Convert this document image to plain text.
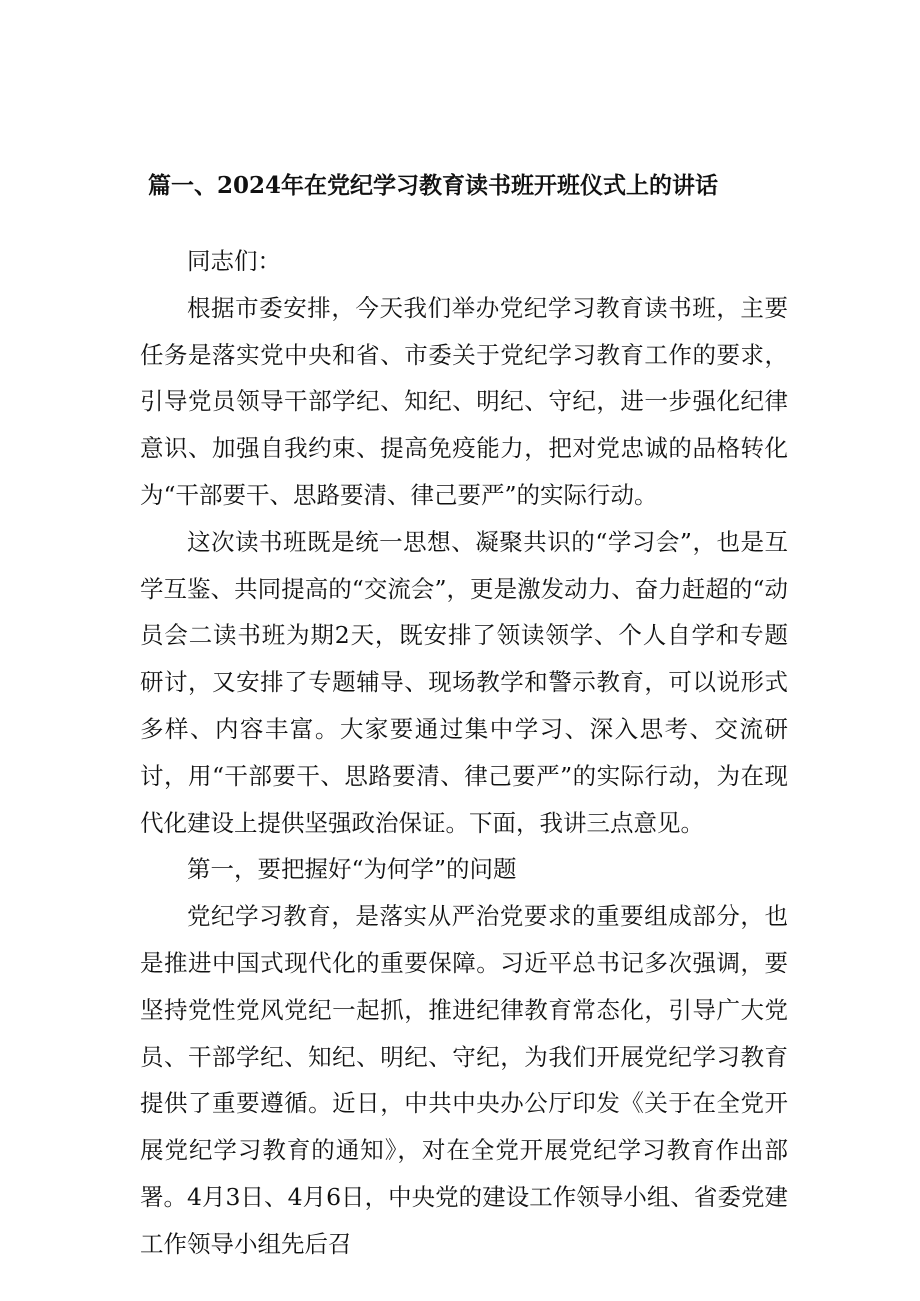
篇一、2024年在党纪学习教育读书班开班仪式上的讲话

同志们：

根据市委安排，今天我们举办党纪学习教育读书班，主要任务是落实党中央和省、市委关于党纪学习教育工作的要求，引导党员领导干部学纪、知纪、明纪、守纪，进一步强化纪律意识、加强自我约束、提高免疫能力，把对党忠诚的品格转化为“干部要干、思路要清、律己要严”的实际行动。

这次读书班既是统一思想、凝聚共识的“学习会”，也是互学互鉴、共同提高的“交流会”，更是激发动力、奋力赶超的“动员会二读书班为期2天，既安排了领读领学、个人自学和专题研讨，又安排了专题辅导、现场教学和警示教育，可以说形式多样、内容丰富。大家要通过集中学习、深入思考、交流研讨，用“干部要干、思路要清、律己要严”的实际行动，为在现代化建设上提供坚强政治保证。下面，我讲三点意见。

第一，要把握好“为何学”的问题

党纪学习教育，是落实从严治党要求的重要组成部分，也是推进中国式现代化的重要保障。习近平总书记多次强调，要坚持党性党风党纪一起抓，推进纪律教育常态化，引导广大党员、干部学纪、知纪、明纪、守纪，为我们开展党纪学习教育提供了重要遵循。近日，中共中央办公厅印发《关于在全党开展党纪学习教育的通知》，对在全党开展党纪学习教育作出部署。4月3日、4月6日，中央党的建设工作领导小组、省委党建工作领导小组先后召
